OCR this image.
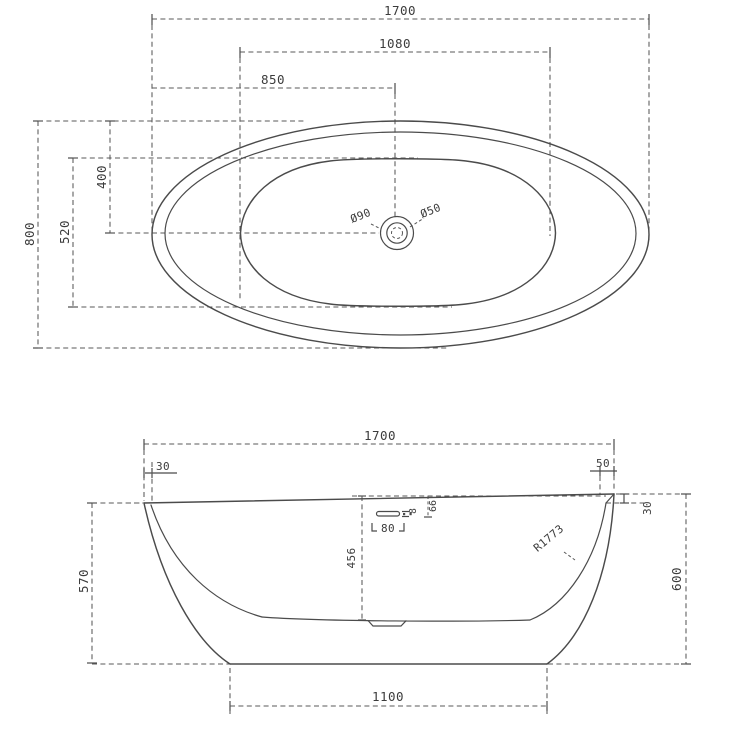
1700
1080
850
800 520
400
Ø90	Ø50
1700
30	50
30
570	600
456
66
8
80	R1773
1100
